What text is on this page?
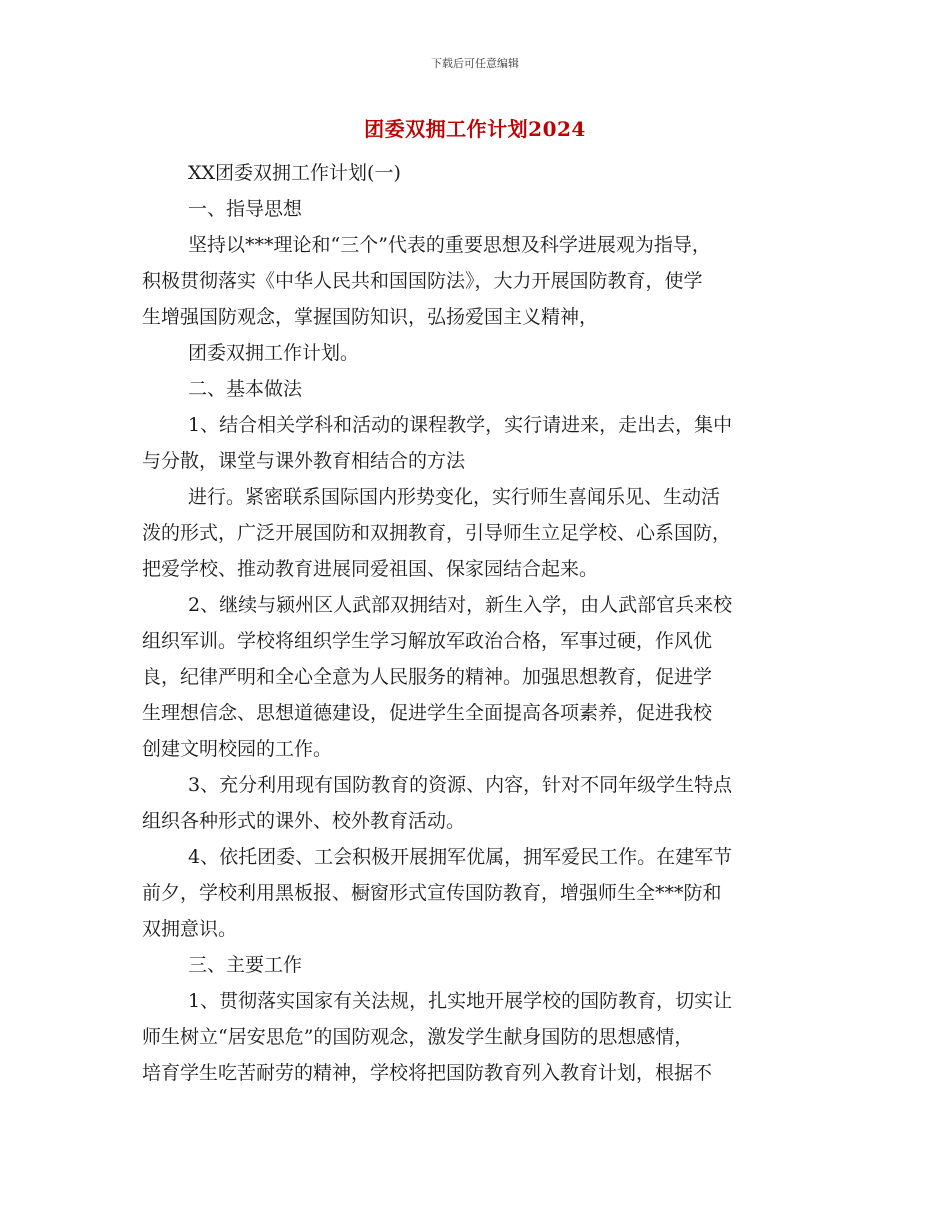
下载后可任意编辑
团委双拥工作计划2024
XX团委双拥工作计划(一)
一、指导思想
坚持以***理论和“三个”代表的重要思想及科学进展观为指导，
积极贯彻落实《中华人民共和国国防法》，大力开展国防教育，使学
生增强国防观念，掌握国防知识，弘扬爱国主义精神，
团委双拥工作计划。
二、基本做法
1、结合相关学科和活动的课程教学，实行请进来，走出去，集中
与分散，课堂与课外教育相结合的方法
进行。紧密联系国际国内形势变化，实行师生喜闻乐见、生动活
泼的形式，广泛开展国防和双拥教育，引导师生立足学校、心系国防，
把爱学校、推动教育进展同爱祖国、保家园结合起来。
2、继续与颍州区人武部双拥结对，新生入学，由人武部官兵来校
组织军训。学校将组织学生学习解放军政治合格，军事过硬，作风优
良，纪律严明和全心全意为人民服务的精神。加强思想教育，促进学
生理想信念、思想道德建设，促进学生全面提高各项素养，促进我校
创建文明校园的工作。
3、充分利用现有国防教育的资源、内容，针对不同年级学生特点
组织各种形式的课外、校外教育活动。
4、依托团委、工会积极开展拥军优属，拥军爱民工作。在建军节
前夕，学校利用黑板报、橱窗形式宣传国防教育，增强师生全***防和
双拥意识。
三、主要工作
1、贯彻落实国家有关法规，扎实地开展学校的国防教育，切实让
师生树立“居安思危”的国防观念，激发学生献身国防的思想感情，
培育学生吃苦耐劳的精神，学校将把国防教育列入教育计划，根据不
